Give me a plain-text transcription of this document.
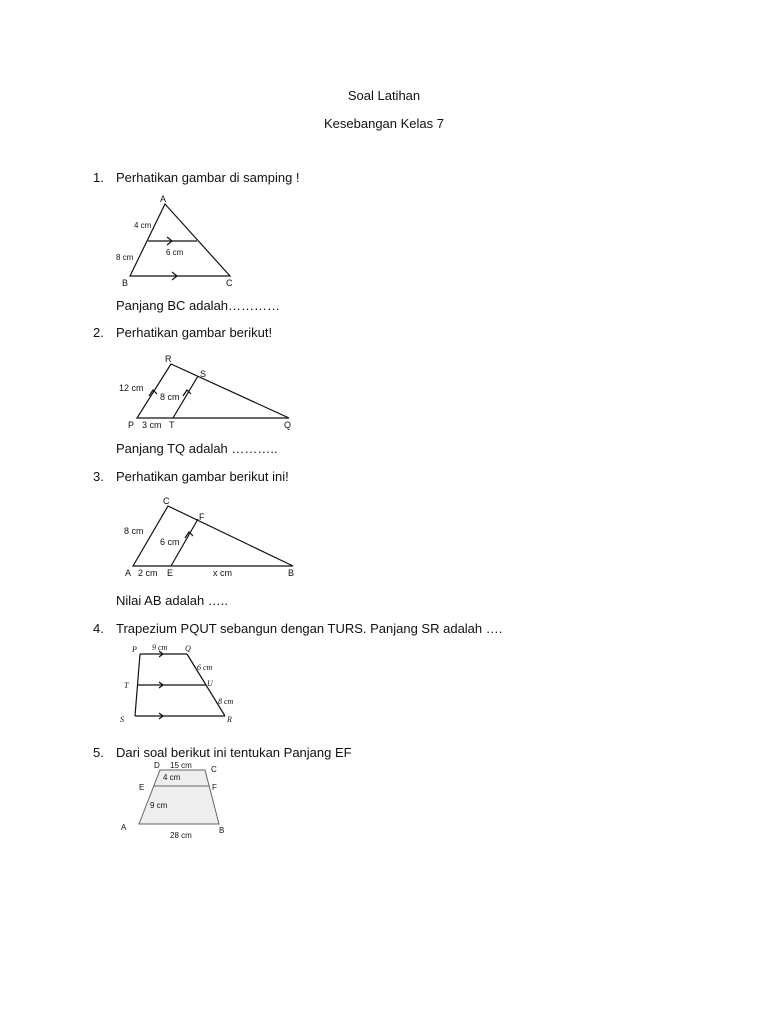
Soal Latihan
Kesebangan Kelas 7
1. Perhatikan gambar di samping !
A
B	C
4 cm
8 cm
6 cm
Panjang BC adalah…………
2. Perhatikan gambar berikut!
R
S
P	T	Q
12 cm
8 cm
3 cm
Panjang TQ adalah ………..
3. Perhatikan gambar berikut ini!
C
F
A	E	B
8 cm
6 cm
2 cm	x cm
Nilai AB adalah …..
4. Trapezium PQUT sebangun dengan TURS. Panjang SR adalah ….
P	Q
T	U
S	R
9 cm
6 cm
8 cm
5. Dari soal berikut ini tentukan Panjang EF
D	C
E	F
A	B
15 cm
4 cm
9 cm
28 cm
